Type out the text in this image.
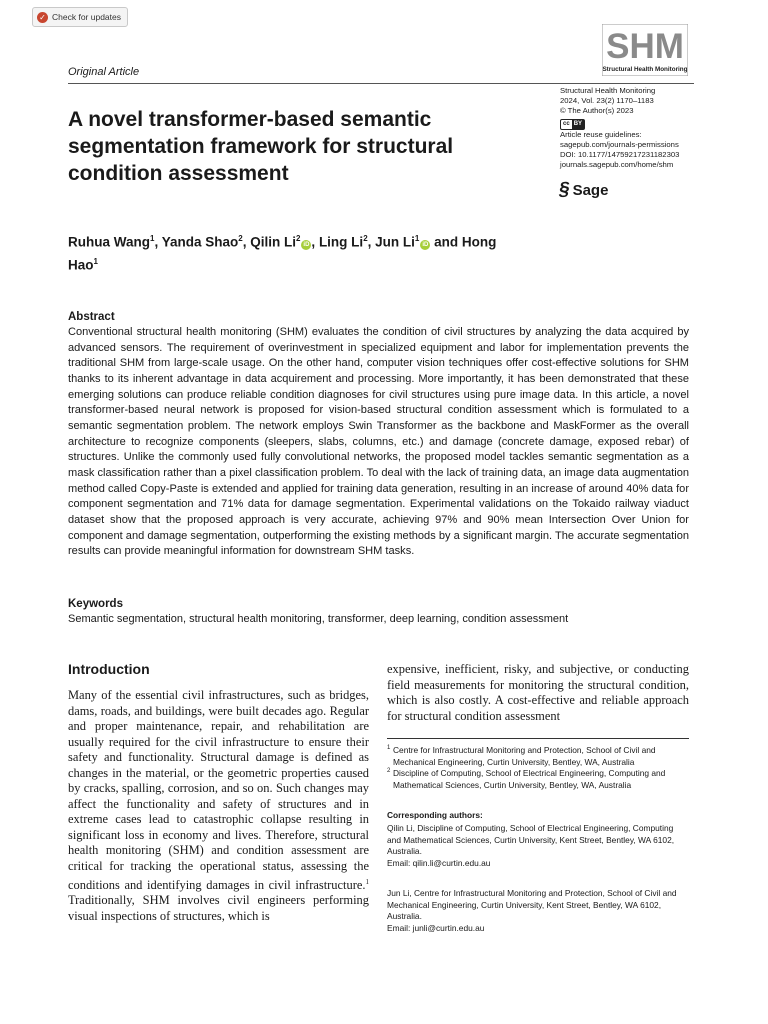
✓ Check for updates
SHM
Structural Health Monitoring
Original Article
Structural Health Monitoring
2024, Vol. 23(2) 1170–1183
© The Author(s) 2023
cc BY
Article reuse guidelines:
sagepub.com/journals-permissions
DOI: 10.1177/14759217231182303
journals.sagepub.com/home/shm
§ Sage
A novel transformer-based semantic segmentation framework for structural condition assessment
Ruhua Wang$^1$, Yanda Shao$^2$, Qilin Li$^2$iD , Ling Li$^2$, Jun Li$^1$iD and Hong Hao$^1$
Abstract
Conventional structural health monitoring (SHM) evaluates the condition of civil structures by analyzing the data acquired by advanced sensors. The requirement of overinvestment in specialized equipment and labor for implementation prevents the traditional SHM from large-scale usage. On the other hand, computer vision techniques offer cost-effective solutions for SHM thanks to its inherent advantage in data acquirement and processing. More importantly, it has been demonstrated that these emerging solutions can produce reliable condition diagnoses for civil structures using pure image data. In this article, a novel transformer-based neural network is proposed for vision-based structural condition assessment which is formulated to a semantic segmentation problem. The network employs Swin Transformer as the backbone and MaskFormer as the overall architecture to recognize components (sleepers, slabs, columns, etc.) and damage (concrete damage, exposed rebar) of structures. Unlike the commonly used fully convolutional networks, the proposed model tackles semantic segmentation as a mask classification rather than a pixel classification problem. To deal with the lack of training data, an image data augmentation method called Copy-Paste is extended and applied for training data generation, resulting in an increase of around 40% data for component segmentation and 71% data for damage segmentation. Experimental validations on the Tokaido railway viaduct dataset show that the proposed approach is very accurate, achieving 97% and 90% mean Intersection Over Union for component and damage segmentation, outperforming the existing methods by a significant margin. The accurate segmentation results can provide meaningful information for downstream SHM tasks.
Keywords
Semantic segmentation, structural health monitoring, transformer, deep learning, condition assessment
Introduction
Many of the essential civil infrastructures, such as bridges, dams, roads, and buildings, were built decades ago. Regular and proper maintenance, repair, and rehabilitation are usually required for the civil infrastructure to ensure their safety and functionality. Structural damage is defined as changes in the material, or the geometric properties caused by cracks, spalling, corrosion, and so on. Such changes may affect the functionality and safety of structures and in extreme cases lead to catastrophic collapse resulting in significant loss in economy and lives. Therefore, structural health monitoring (SHM) and condition assessment are critical for tracking the operational status, assessing the conditions and identifying damages in civil infrastructure.$^1$ Traditionally, SHM involves civil engineers performing visual inspections of structures, which is
expensive, inefficient, risky, and subjective, or conducting field measurements for monitoring the structural condition, which is also costly. A cost-effective and reliable approach for structural condition assessment
1 Centre for Infrastructural Monitoring and Protection, School of Civil and Mechanical Engineering, Curtin University, Bentley, WA, Australia
2 Discipline of Computing, School of Electrical Engineering, Computing and Mathematical Sciences, Curtin University, Bentley, WA, Australia
Corresponding authors:
Qilin Li, Discipline of Computing, School of Electrical Engineering, Computing and Mathematical Sciences, Curtin University, Kent Street, Bentley, WA 6102, Australia.
Email: qilin.li@curtin.edu.au
Jun Li, Centre for Infrastructural Monitoring and Protection, School of Civil and Mechanical Engineering, Curtin University, Kent Street, Bentley, WA 6102, Australia.
Email: junli@curtin.edu.au
